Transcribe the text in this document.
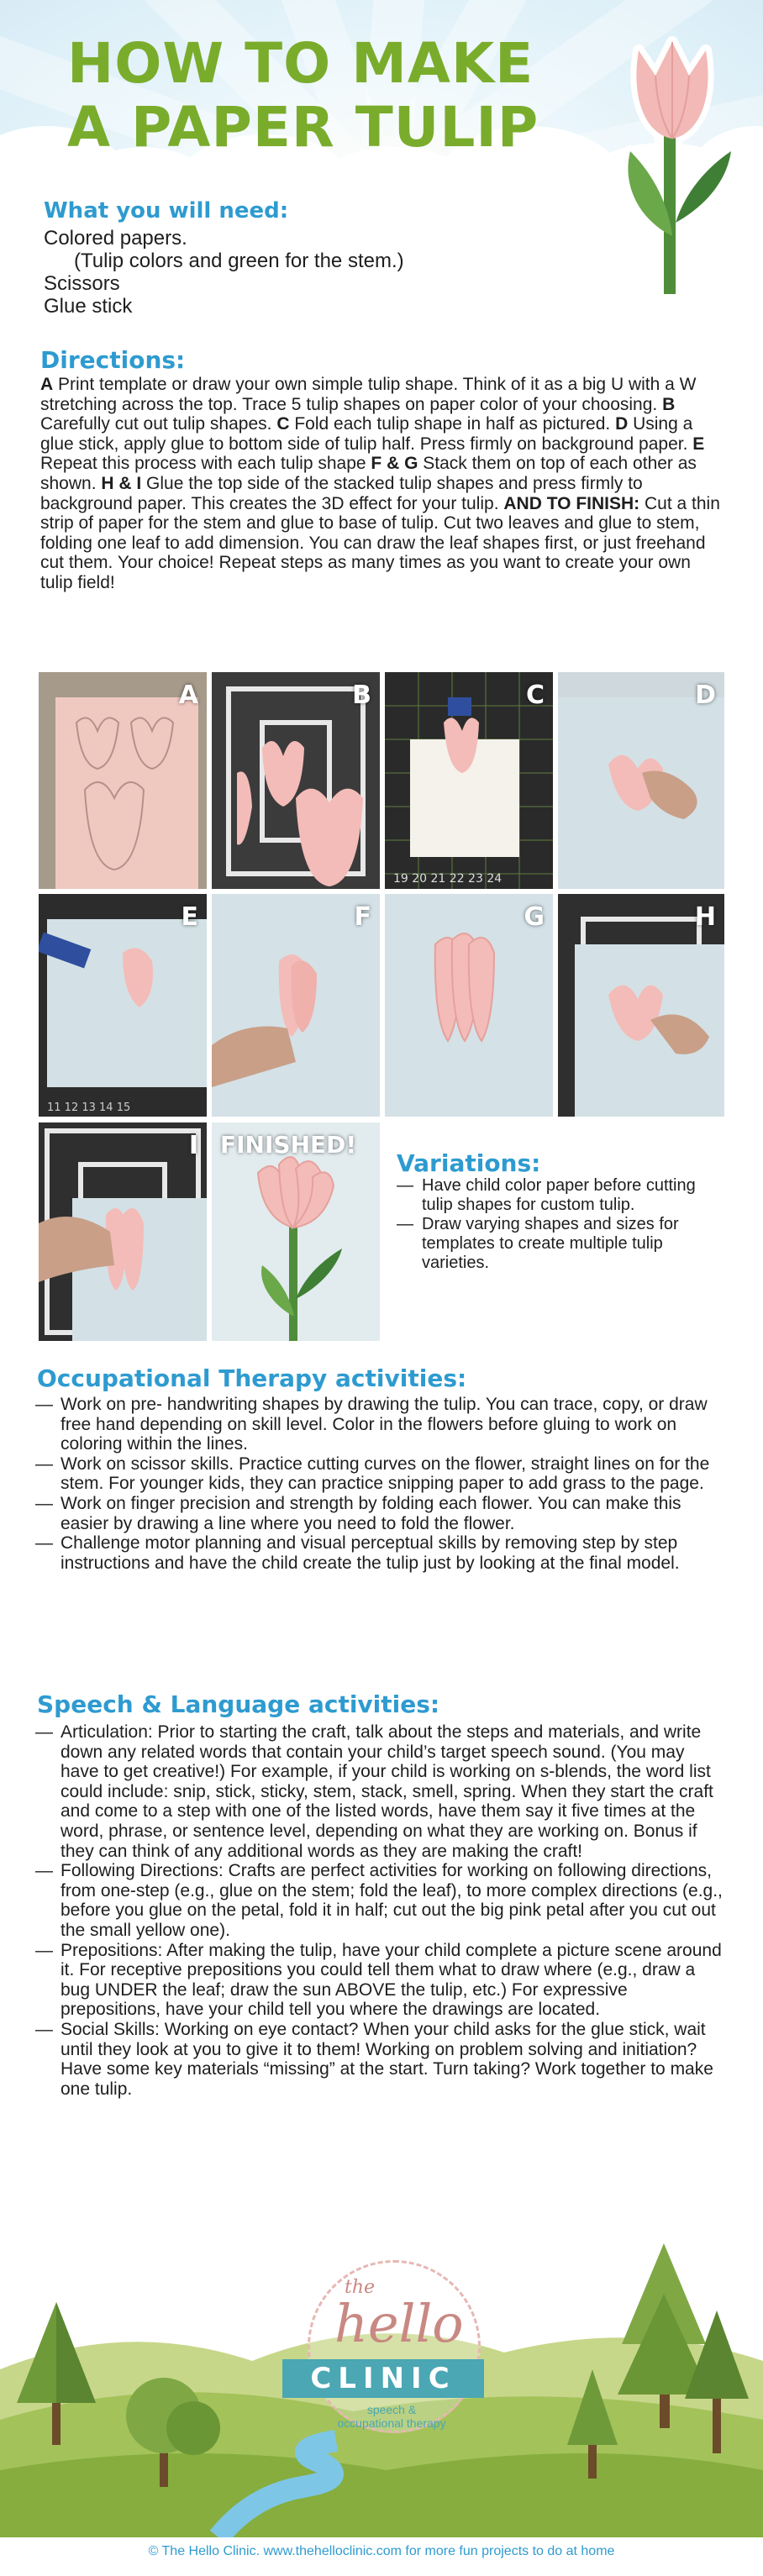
HOW TO MAKE
A PAPER TULIP
What you will need:
Colored papers.
(Tulip colors and green for the stem.)
Scissors
Glue stick
Directions:

A Print template or draw your own simple tulip shape. Think of it as a big U with a W stretching across the top. Trace 5 tulip shapes on paper color of your choosing. B Carefully cut out tulip shapes. C Fold each tulip shape in half as pictured. D Using a glue stick, apply glue to bottom side of tulip half. Press firmly on background paper. E Repeat this process with each tulip shape F & G Stack them on top of each other as shown. H & I Glue the top side of the stacked tulip shapes and press firmly to background paper. This creates the 3D effect for your tulip. AND TO FINISH: Cut a thin strip of paper for the stem and glue to base of tulip. Cut two leaves and glue to stem, folding one leaf to add dimension. You can draw the leaf shapes first, or just freehand cut them. Your choice! Repeat steps as many times as you want to create your own tulip field!

A	B
19 20 21 22 23 24
C	D
11 12 13 14 15
E	F	G	H
I FINISHED!
Variations:
— Have child color paper before cutting tulip shapes for custom tulip.
— Draw varying shapes and sizes for templates to create multiple tulip varieties.
Occupational Therapy activities:
— Work on pre- handwriting shapes by drawing the tulip. You can trace, copy, or draw free hand depending on skill level. Color in the flowers before gluing to work on coloring within the lines.
— Work on scissor skills. Practice cutting curves on the flower, straight lines on for the stem. For younger kids, they can practice snipping paper to add grass to the page.
— Work on finger precision and strength by folding each flower. You can make this easier by drawing a line where you need to fold the flower.
— Challenge motor planning and visual perceptual skills by removing step by step instructions and have the child create the tulip just by looking at the final model.
Speech & Language activities:
— Articulation: Prior to starting the craft, talk about the steps and materials, and write down any related words that contain your child’s target speech sound. (You may have to get creative!) For example, if your child is working on s-blends, the word list could include: snip, stick, sticky, stem, stack, smell, spring. When they start the craft and come to a step with one of the listed words, have them say it five times at the word, phrase, or sentence level, depending on what they are working on. Bonus if they can think of any additional words as they are making the craft!
— Following Directions: Crafts are perfect activities for working on following directions, from one-step (e.g., glue on the stem; fold the leaf), to more complex directions (e.g., before you glue on the petal, fold it in half; cut out the big pink petal after you cut out the small yellow one).
— Prepositions: After making the tulip, have your child complete a picture scene around it. For receptive prepositions you could tell them what to draw where (e.g., draw a bug UNDER the leaf; draw the sun ABOVE the tulip, etc.) For expressive prepositions, have your child tell you where the drawings are located.
— Social Skills: Working on eye contact? When your child asks for the glue stick, wait until they look at you to give it to them! Working on problem solving and initiation? Have some key materials “missing” at the start. Turn taking? Work together to make one tulip.
the
hello
CLINIC
speech &
occupational therapy
© The Hello Clinic. www.thehelloclinic.com for more fun projects to do at home
